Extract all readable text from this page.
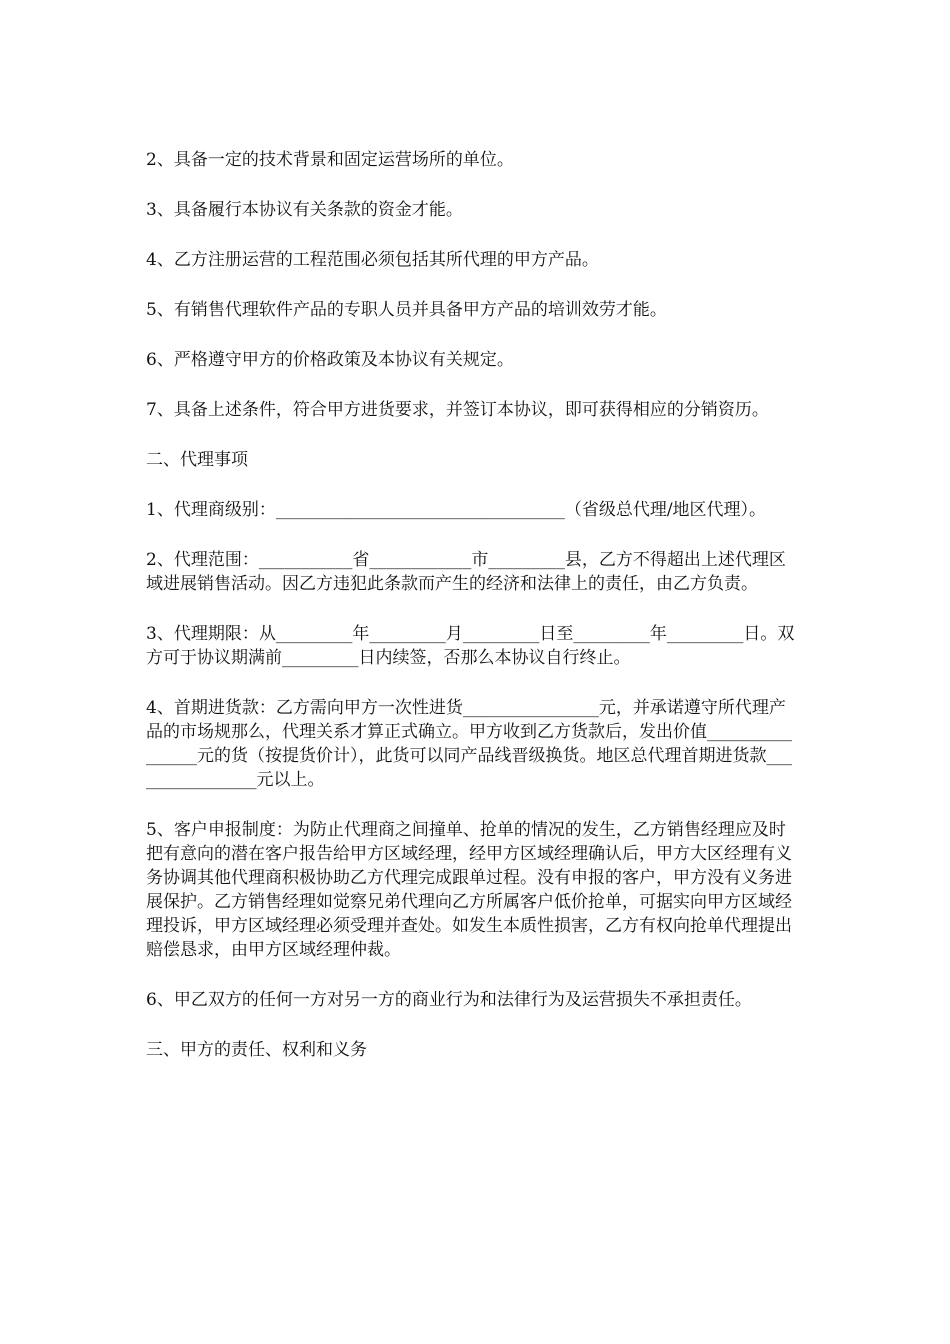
2、具备一定的技术背景和固定运营场所的单位。

3、具备履行本协议有关条款的资金才能。

4、乙方注册运营的工程范围必须包括其所代理的甲方产品。

5、有销售代理软件产品的专职人员并具备甲方产品的培训效劳才能。

6、严格遵守甲方的价格政策及本协议有关规定。

7、具备上述条件，符合甲方进货要求，并签订本协议，即可获得相应的分销资历。

二、代理事项

1、代理商级别：__________________________________（省级总代理/地区代理）。

2、代理范围：___________省____________市_________县，乙方不得超出上述代理区域进展销售活动。因乙方违犯此条款而产生的经济和法律上的责任，由乙方负责。

3、代理期限：从_________年_________月_________日至_________年_________日。双方可于协议期满前_________日内续签，否那么本协议自行终止。

4、首期进货款：乙方需向甲方一次性进货________________元，并承诺遵守所代理产品的市场规那么，代理关系才算正式确立。甲方收到乙方货款后，发出价值________________元的货（按提货价计），此货可以同产品线晋级换货。地区总代理首期进货款________________元以上。

5、客户申报制度：为防止代理商之间撞单、抢单的情况的发生，乙方销售经理应及时把有意向的潜在客户报告给甲方区域经理，经甲方区域经理确认后，甲方大区经理有义务协调其他代理商积极协助乙方代理完成跟单过程。没有申报的客户，甲方没有义务进展保护。乙方销售经理如觉察兄弟代理向乙方所属客户低价抢单，可据实向甲方区域经理投诉，甲方区域经理必须受理并查处。如发生本质性损害，乙方有权向抢单代理提出赔偿恳求，由甲方区域经理仲裁。

6、甲乙双方的任何一方对另一方的商业行为和法律行为及运营损失不承担责任。

三、甲方的责任、权利和义务
